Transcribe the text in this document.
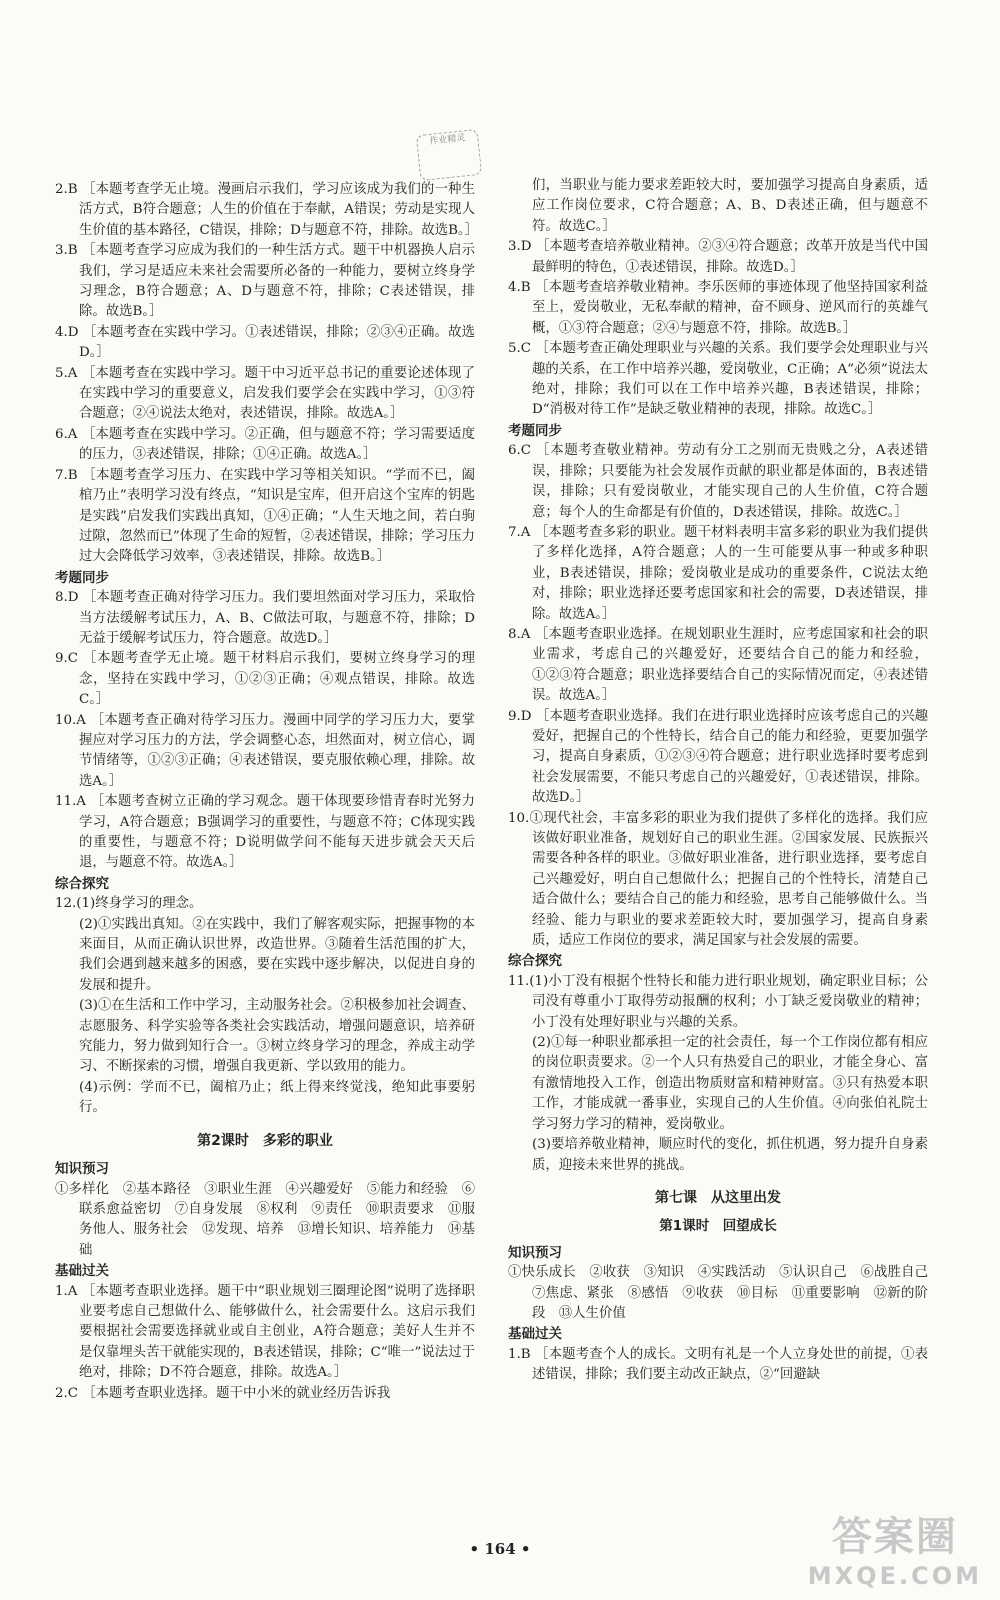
作业精灵
2.B ［本题考查学无止境。漫画启示我们，学习应该成为我们的一种生活方式，B符合题意；人生的价值在于奉献，A错误；劳动是实现人生价值的基本路径，C错误，排除；D与题意不符，排除。故选B。］
3.B ［本题考查学习应成为我们的一种生活方式。题干中机器换人启示我们，学习是适应未来社会需要所必备的一种能力，要树立终身学习理念，B符合题意；A、D与题意不符，排除；C表述错误，排除。故选B。］
4.D ［本题考查在实践中学习。①表述错误，排除；②③④正确。故选D。］
5.A ［本题考查在实践中学习。题干中习近平总书记的重要论述体现了在实践中学习的重要意义，启发我们要学会在实践中学习，①③符合题意；②④说法太绝对，表述错误，排除。故选A。］
6.A ［本题考查在实践中学习。②正确，但与题意不符；学习需要适度的压力，③表述错误，排除；①④正确。故选A。］
7.B ［本题考查学习压力、在实践中学习等相关知识。“学而不已，阖棺乃止”表明学习没有终点，“知识是宝库，但开启这个宝库的钥匙是实践”启发我们实践出真知，①④正确；“人生天地之间，若白驹过隙，忽然而已”体现了生命的短暂，②表述错误，排除；学习压力过大会降低学习效率，③表述错误，排除。故选B。］
考题同步
8.D ［本题考查正确对待学习压力。我们要坦然面对学习压力，采取恰当方法缓解考试压力，A、B、C做法可取，与题意不符，排除；D无益于缓解考试压力，符合题意。故选D。］
9.C ［本题考查学无止境。题干材料启示我们，要树立终身学习的理念，坚持在实践中学习，①②③正确；④观点错误，排除。故选C。］
10.A ［本题考查正确对待学习压力。漫画中同学的学习压力大，要掌握应对学习压力的方法，学会调整心态，坦然面对，树立信心，调节情绪等，①②③正确；④表述错误，要克服依赖心理，排除。故选A。］
11.A ［本题考查树立正确的学习观念。题干体现要珍惜青春时光努力学习，A符合题意；B强调学习的重要性，与题意不符；C体现实践的重要性，与题意不符；D说明做学问不能每天进步就会天天后退，与题意不符。故选A。］
综合探究
12.(1)终身学习的理念。
(2)①实践出真知。②在实践中，我们了解客观实际，把握事物的本来面目，从而正确认识世界，改造世界。③随着生活范围的扩大，我们会遇到越来越多的困惑，要在实践中逐步解决，以促进自身的发展和提升。
(3)①在生活和工作中学习，主动服务社会。②积极参加社会调查、志愿服务、科学实验等各类社会实践活动，增强问题意识，培养研究能力，努力做到知行合一。③树立终身学习的理念，养成主动学习、不断探索的习惯，增强自我更新、学以致用的能力。
(4)示例：学而不已，阖棺乃止；纸上得来终觉浅，绝知此事要躬行。
第2课时　多彩的职业
知识预习
①多样化　②基本路径　③职业生涯　④兴趣爱好　⑤能力和经验　⑥联系愈益密切　⑦自身发展　⑧权利　⑨责任　⑩职责要求　⑪服务他人、服务社会　⑫发现、培养　⑬增长知识、培养能力　⑭基础
基础过关
1.A ［本题考查职业选择。题干中“职业规划三圈理论图”说明了选择职业要考虑自己想做什么、能够做什么，社会需要什么。这启示我们要根据社会需要选择就业或自主创业，A符合题意；美好人生并不是仅靠埋头苦干就能实现的，B表述错误，排除；C“唯一”说法过于绝对，排除；D不符合题意，排除。故选A。］
2.C ［本题考查职业选择。题干中小米的就业经历告诉我
们，当职业与能力要求差距较大时，要加强学习提高自身素质，适应工作岗位要求，C符合题意；A、B、D表述正确，但与题意不符。故选C。］
3.D ［本题考查培养敬业精神。②③④符合题意；改革开放是当代中国最鲜明的特色，①表述错误，排除。故选D。］
4.B ［本题考查培养敬业精神。李乐医师的事迹体现了他坚持国家利益至上，爱岗敬业，无私奉献的精神，奋不顾身、逆风而行的英雄气概，①③符合题意；②④与题意不符，排除。故选B。］
5.C ［本题考查正确处理职业与兴趣的关系。我们要学会处理职业与兴趣的关系，在工作中培养兴趣，爱岗敬业，C正确；A“必须”说法太绝对，排除；我们可以在工作中培养兴趣，B表述错误，排除；D“消极对待工作”是缺乏敬业精神的表现，排除。故选C。］
考题同步
6.C ［本题考查敬业精神。劳动有分工之别而无贵贱之分，A表述错误，排除；只要能为社会发展作贡献的职业都是体面的，B表述错误，排除；只有爱岗敬业，才能实现自己的人生价值，C符合题意；每个人的生命都是有价值的，D表述错误，排除。故选C。］
7.A ［本题考查多彩的职业。题干材料表明丰富多彩的职业为我们提供了多样化选择，A符合题意；人的一生可能要从事一种或多种职业，B表述错误，排除；爱岗敬业是成功的重要条件，C说法太绝对，排除；职业选择还要考虑国家和社会的需要，D表述错误，排除。故选A。］
8.A ［本题考查职业选择。在规划职业生涯时，应考虑国家和社会的职业需求，考虑自己的兴趣爱好，还要结合自己的能力和经验，①②③符合题意；职业选择要结合自己的实际情况而定，④表述错误。故选A。］
9.D ［本题考查职业选择。我们在进行职业选择时应该考虑自己的兴趣爱好，把握自己的个性特长，结合自己的能力和经验，更要加强学习，提高自身素质，①②③④符合题意；进行职业选择时要考虑到社会发展需要，不能只考虑自己的兴趣爱好，①表述错误，排除。故选D。］
10.①现代社会，丰富多彩的职业为我们提供了多样化的选择。我们应该做好职业准备，规划好自己的职业生涯。②国家发展、民族振兴需要各种各样的职业。③做好职业准备，进行职业选择，要考虑自己兴趣爱好，明白自己想做什么；把握自己的个性特长，清楚自己适合做什么；要结合自己的能力和经验，思考自己能够做什么。当经验、能力与职业的要求差距较大时，要加强学习，提高自身素质，适应工作岗位的要求，满足国家与社会发展的需要。
综合探究
11.(1)小丁没有根据个性特长和能力进行职业规划，确定职业目标；公司没有尊重小丁取得劳动报酬的权利；小丁缺乏爱岗敬业的精神；小丁没有处理好职业与兴趣的关系。
(2)①每一种职业都承担一定的社会责任，每一个工作岗位都有相应的岗位职责要求。②一个人只有热爱自己的职业，才能全身心、富有激情地投入工作，创造出物质财富和精神财富。③只有热爱本职工作，才能成就一番事业，实现自己的人生价值。④向张伯礼院士学习努力学习的精神，爱岗敬业。
(3)要培养敬业精神，顺应时代的变化，抓住机遇，努力提升自身素质，迎接未来世界的挑战。
第七课　从这里出发
第1课时　回望成长
知识预习
①快乐成长　②收获　③知识　④实践活动　⑤认识自己　⑥战胜自己　⑦焦虑、紧张　⑧感悟　⑨收获　⑩目标　⑪重要影响　⑫新的阶段　⑬人生价值
基础过关
1.B ［本题考查个人的成长。文明有礼是一个人立身处世的前提，①表述错误，排除；我们要主动改正缺点，②“回避缺
• 164 •	答案圈
MXQE.COM
